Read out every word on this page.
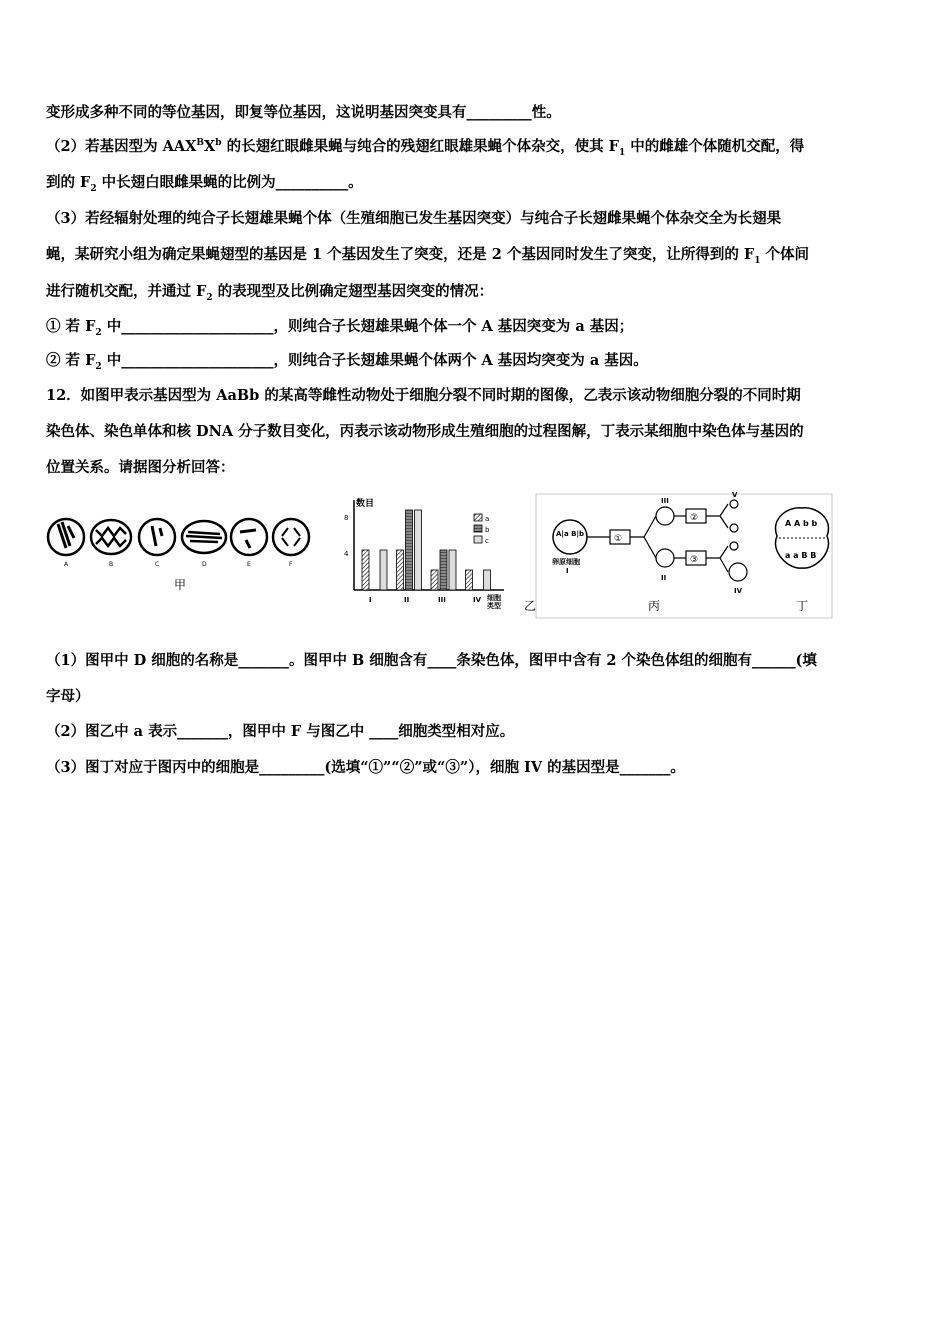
变形成多种不同的等位基因，即复等位基因，这说明基因突变具有_________性。
（2）若基因型为 $AAX^BX^b$ 的长翅红眼雌果蝇与纯合的残翅红眼雄果蝇个体杂交，使其 $F_1$ 中的雌雄个体随机交配，得
到的 $F_2$ 中长翅白眼雌果蝇的比例为__________。
（3）若经辐射处理的纯合子长翅雄果蝇个体（生殖细胞已发生基因突变）与纯合子长翅雌果蝇个体杂交全为长翅果
蝇，某研究小组为确定果蝇翅型的基因是 1 个基因发生了突变，还是 2 个基因同时发生了突变，让所得到的 $F_1$ 个体间
进行随机交配，并通过 $F_2$ 的表现型及比例确定翅型基因突变的情况：
① 若 $F_2$ 中_____________________，则纯合子长翅雄果蝇个体一个 A 基因突变为 a 基因；
② 若 $F_2$ 中_____________________，则纯合子长翅雄果蝇个体两个 A 基因均突变为 a 基因。
12．如图甲表示基因型为 AaBb 的某高等雌性动物处于细胞分裂不同时期的图像，乙表示该动物细胞分裂的不同时期
染色体、染色单体和核 DNA 分子数目变化，丙表示该动物形成生殖细胞的过程图解，丁表示某细胞中染色体与基因的
位置关系。请据图分析回答：
A	B	C	D	E	F
甲
数目
8
4
I	II	III	IV 细胞
类型
a
b
c
乙
A|a B|b
卵原细胞
I
①
III
II
②
③
V
IV
丙
A A b b
a a B B
丁
（1）图甲中 D 细胞的名称是_______。图甲中 B 细胞含有____条染色体，图甲中含有 2 个染色体组的细胞有______(填
字母）
（2）图乙中 a 表示_______，图甲中 F 与图乙中 ____细胞类型相对应。
（3）图丁对应于图丙中的细胞是_________(选填“①”“②”或“③”），细胞 IV 的基因型是_______。
